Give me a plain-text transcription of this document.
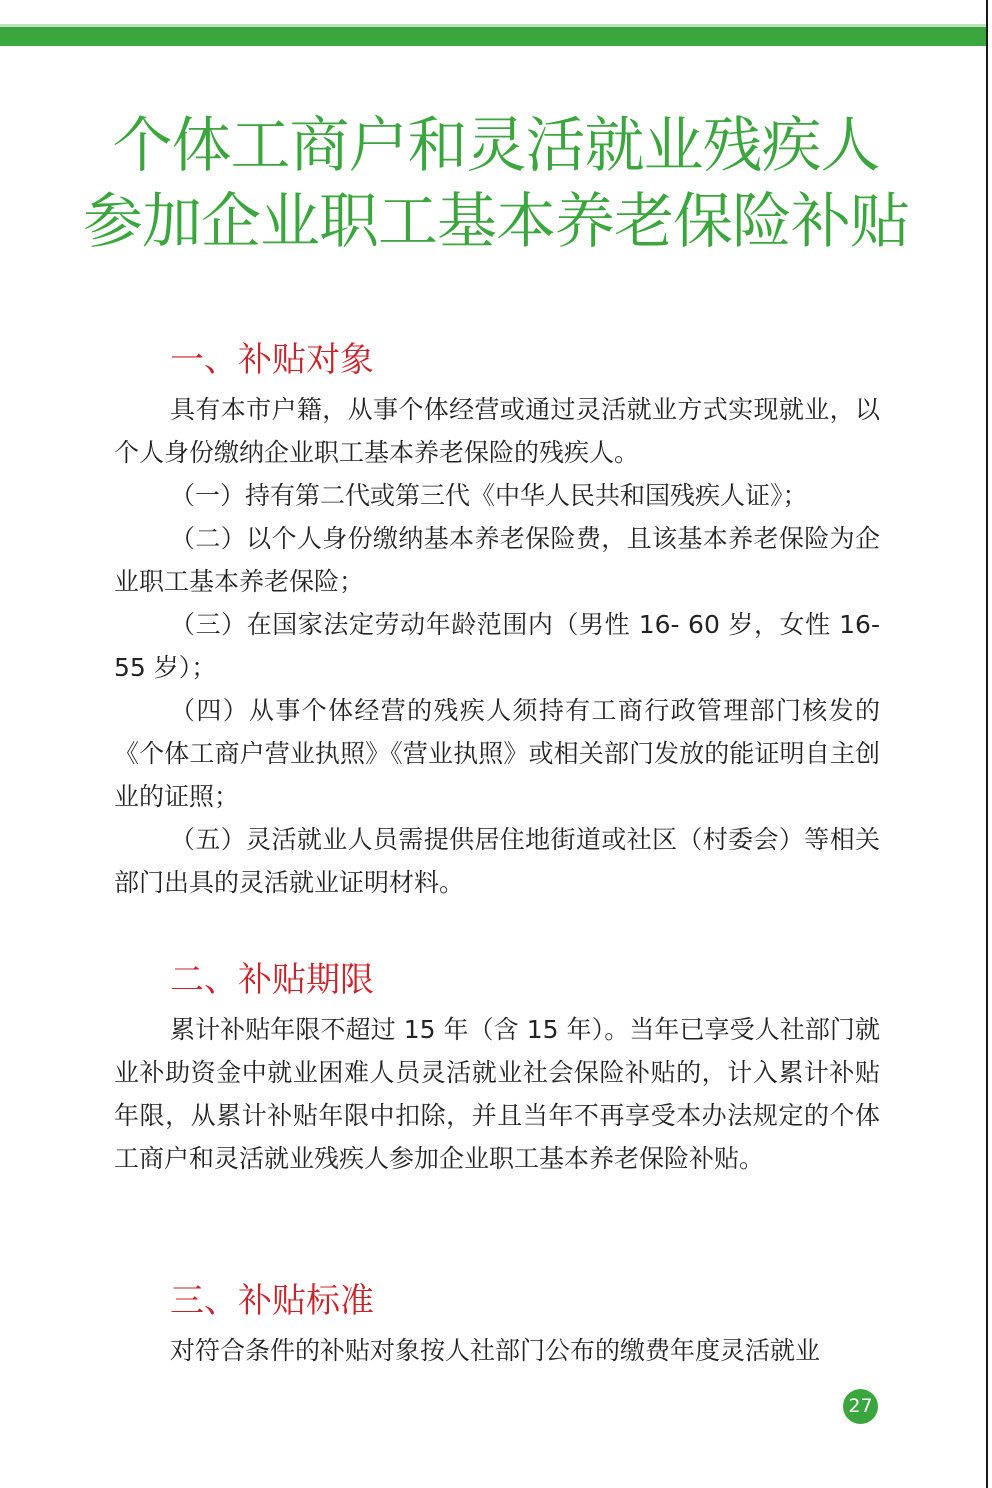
个体工商户和灵活就业残疾人
参加企业职工基本养老保险补贴
一、补贴对象

具有本市户籍，从事个体经营或通过灵活就业方式实现就业，以个人身份缴纳企业职工基本养老保险的残疾人。

（一）持有第二代或第三代《中华人民共和国残疾人证》；

（二）以个人身份缴纳基本养老保险费，且该基本养老保险为企业职工基本养老保险；

（三）在国家法定劳动年龄范围内（男性 16- 60 岁，女性 16- 55 岁）；

（四）从事个体经营的残疾人须持有工商行政管理部门核发的《个体工商户营业执照》《营业执照》或相关部门发放的能证明自主创业的证照；

（五）灵活就业人员需提供居住地街道或社区（村委会）等相关部门出具的灵活就业证明材料。

二、补贴期限

累计补贴年限不超过 15 年（含 15 年）。当年已享受人社部门就业补助资金中就业困难人员灵活就业社会保险补贴的，计入累计补贴年限，从累计补贴年限中扣除，并且当年不再享受本办法规定的个体工商户和灵活就业残疾人参加企业职工基本养老保险补贴。

三、补贴标准

对符合条件的补贴对象按人社部门公布的缴费年度灵活就业

27
